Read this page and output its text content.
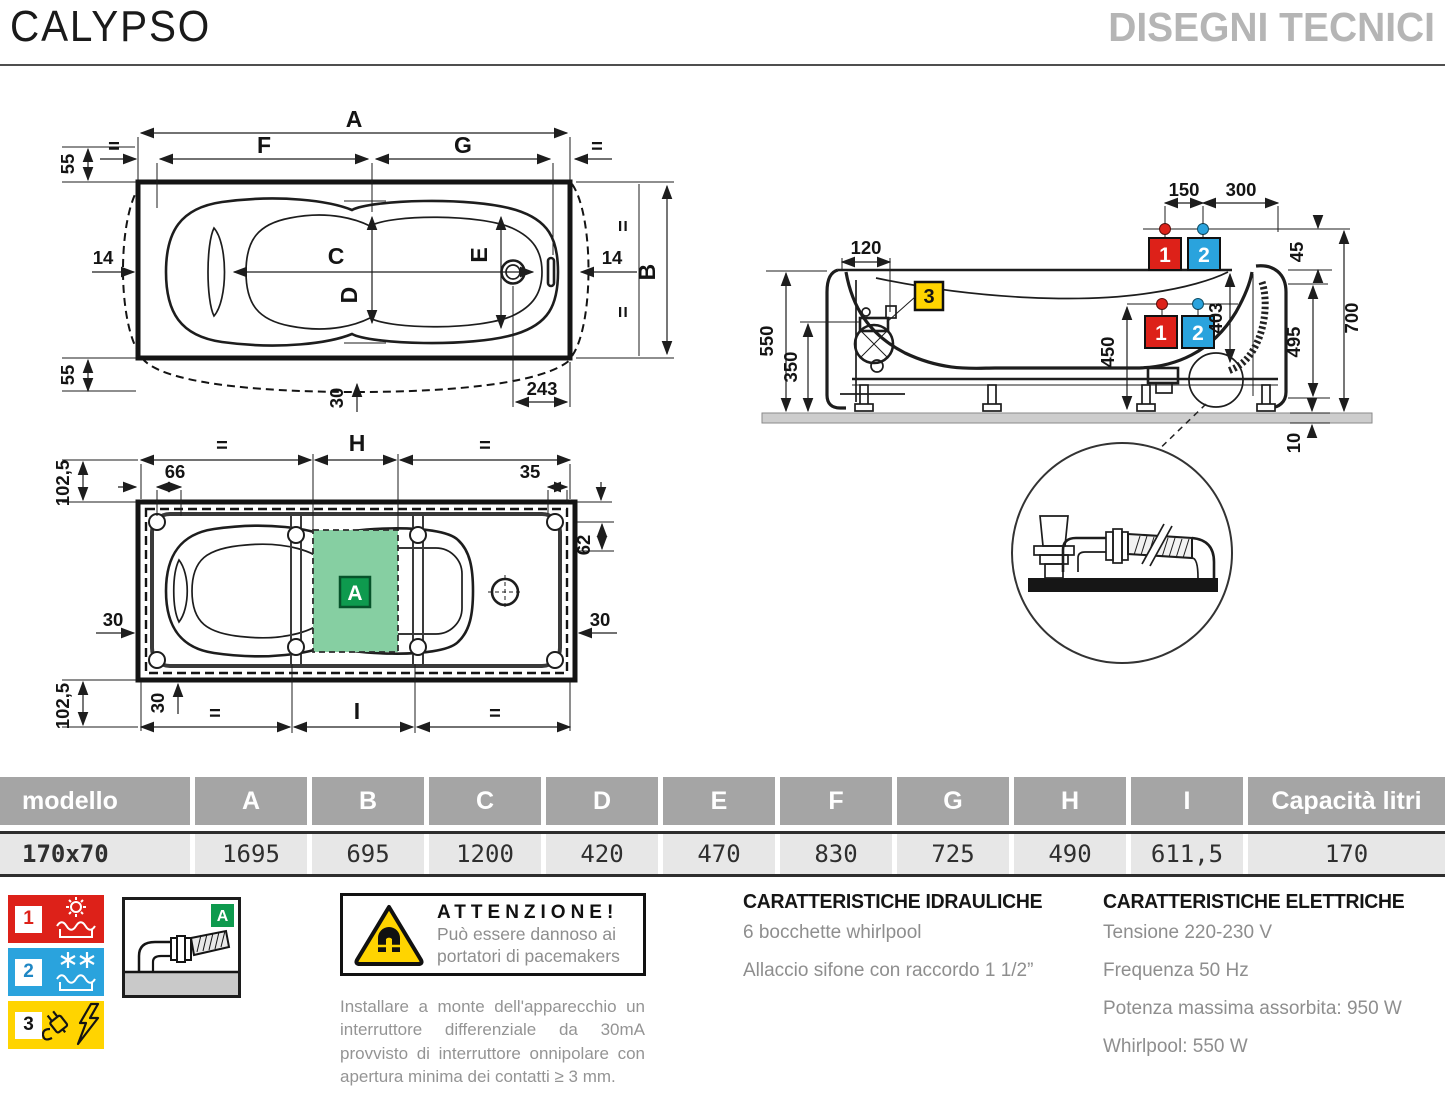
CALYPSO	DISEGNI TECNICI
A
F	G
=	=
55
14
55
C
D
E	14
=
=
B
30	243
1 2
1 2
3
120
150 300
45
700
550
350	450
403
495
10
A
=	H	=
102,5	66	35
62
30	30
30
102,5	=	I	=
modello	A	B	C	D	E	F	G	H	I	Capacità litri
170x70	1695	695	1200	420	470	830	725	490	611,5	170
1
2
3
A	ATTENZIONE!
Può essere dannoso ai
portatori di pacemakers
Installare a monte dell'apparecchio un interruttore differenziale da 30mA provvisto di interruttore onnipolare con apertura minima dei contatti ≥ 3 mm.
CARATTERISTICHE IDRAULICHE
6 bocchette whirlpool
Allaccio sifone con raccordo 1 1/2”
CARATTERISTICHE ELETTRICHE
Tensione 220-230 V
Frequenza 50 Hz
Potenza massima assorbita: 950 W
Whirlpool: 550 W
